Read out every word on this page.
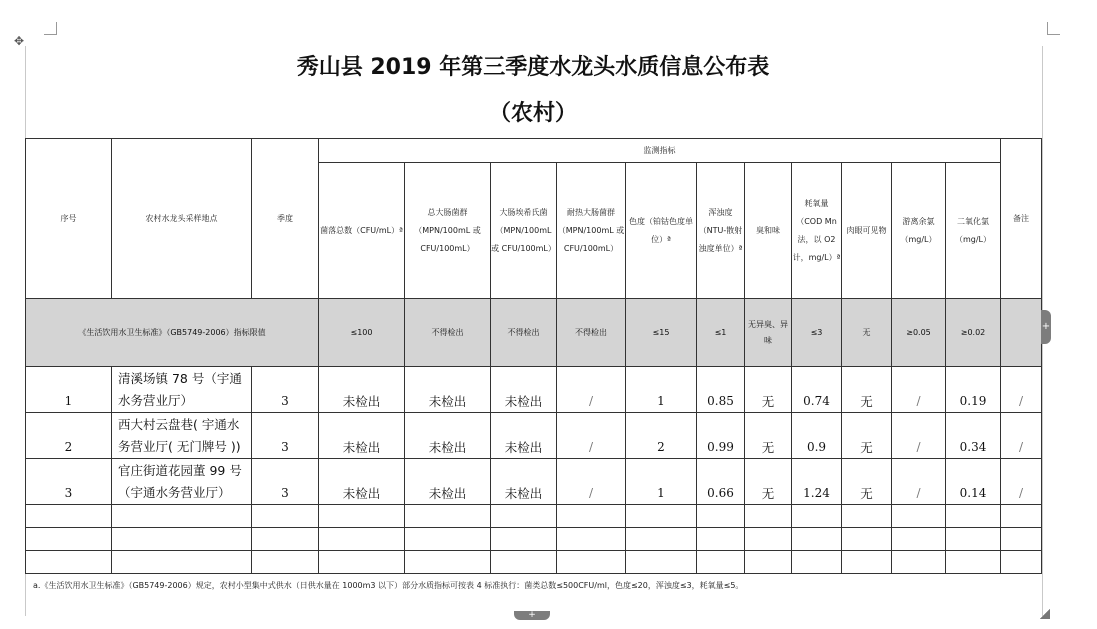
✥
秀山县 2019 年第三季度水龙头水质信息公布表
（农村）
序号	农村水龙头采样地点	季度	监测指标											备注
			菌落总数（CFU/mL）ª	总大肠菌群（MPN/100mL 或 CFU/100mL）	大肠埃希氏菌（MPN/100mL 或 CFU/100mL）	耐热大肠菌群（MPN/100mL 或 CFU/100mL）	色度（铂钴色度单位）ª	浑浊度（NTU-散射浊度单位）ª	臭和味	耗氧量（COD Mn 法，以 O2 计，mg/L）ª	肉眼可见物	游离余氯（mg/L）	二氧化氯（mg/L）	
《生活饮用水卫生标准》（GB5749-2006）指标限值			≤100	不得检出	不得检出	不得检出	≤15	≤1	无异臭、异味	≤3	无	≥0.05	≥0.02	
1	清溪场镇 78 号（宇通水务营业厅）	3	未检出	未检出	未检出	/	1	0.85	无	0.74	无	/	0.19	/
2	西大村云盘巷( 宇通水务营业厅( 无门牌号 ))	3	未检出	未检出	未检出	/	2	0.99	无	0.9	无	/	0.34	/
3	官庄街道花园董 99 号（宇通水务营业厅）	3	未检出	未检出	未检出	/	1	0.66	无	1.24	无	/	0.14	/

a.《生活饮用水卫生标准》（GB5749-2006）规定，农村小型集中式供水（日供水量在 1000m3 以下）部分水质指标可按表 4 标准执行：菌类总数≤500CFU/ml，色度≤20，浑浊度≤3，耗氧量≤5。
+
+
